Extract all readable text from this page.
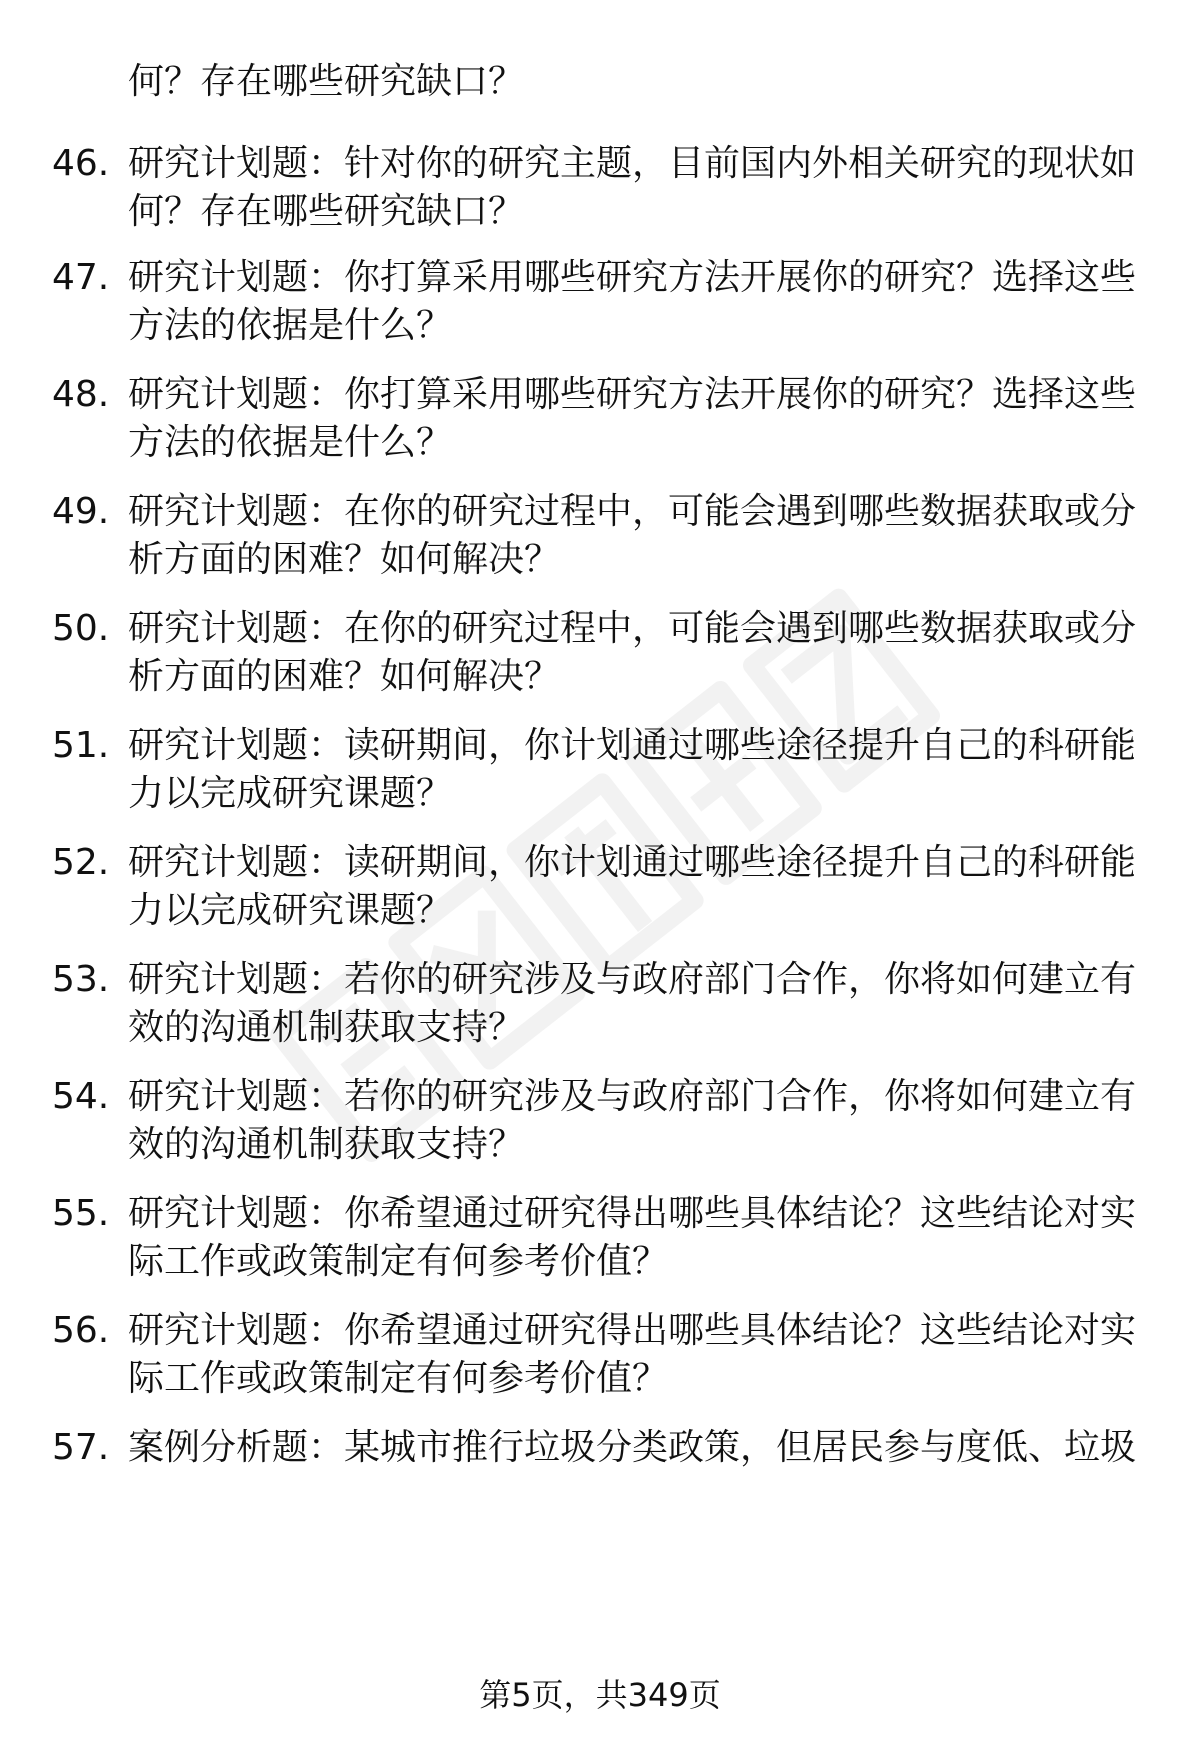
何？存在哪些研究缺口？
46. 研究计划题：针对你的研究主题，目前国内外相关研究的现状如何？存在哪些研究缺口？
47. 研究计划题：你打算采用哪些研究方法开展你的研究？选择这些方法的依据是什么？
48. 研究计划题：你打算采用哪些研究方法开展你的研究？选择这些方法的依据是什么？
49. 研究计划题：在你的研究过程中，可能会遇到哪些数据获取或分析方面的困难？如何解决？
50. 研究计划题：在你的研究过程中，可能会遇到哪些数据获取或分析方面的困难？如何解决？
51. 研究计划题：读研期间，你计划通过哪些途径提升自己的科研能力以完成研究课题？
52. 研究计划题：读研期间，你计划通过哪些途径提升自己的科研能力以完成研究课题？
53. 研究计划题：若你的研究涉及与政府部门合作，你将如何建立有效的沟通机制获取支持？
54. 研究计划题：若你的研究涉及与政府部门合作，你将如何建立有效的沟通机制获取支持？
55. 研究计划题：你希望通过研究得出哪些具体结论？这些结论对实际工作或政策制定有何参考价值？
56. 研究计划题：你希望通过研究得出哪些具体结论？这些结论对实际工作或政策制定有何参考价值？
57. 案例分析题：某城市推行垃圾分类政策，但居民参与度低、垃圾
第5页，共349页
